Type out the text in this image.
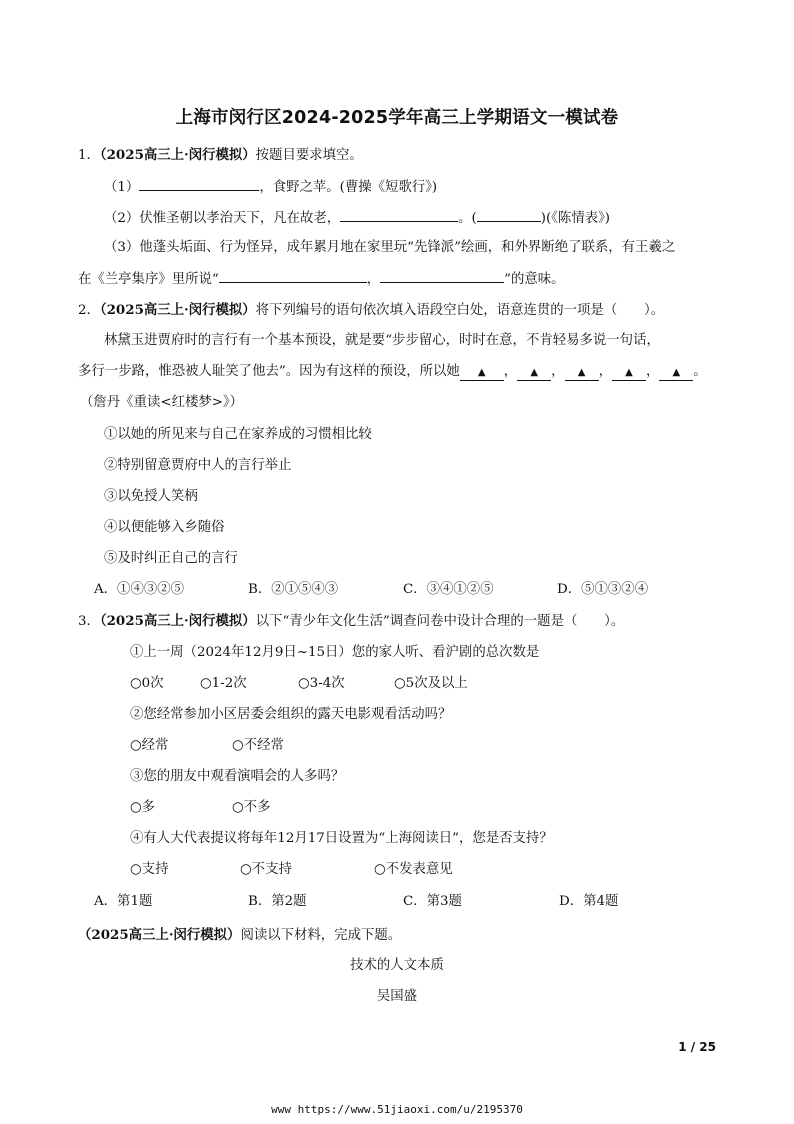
上海市闵行区2024-2025学年高三上学期语文一模试卷
1．（2025高三上·闵行模拟）按题目要求填空。
（1）	，食野之苹。(曹操《短歌行》)
（2）伏惟圣朝以孝治天下，凡在故老，	。(	)(《陈情表》)
（3）他蓬头垢面、行为怪异，成年累月地在家里玩“先锋派”绘画，和外界断绝了联系，有王羲之
在《兰亭集序》里所说“	，	”的意味。
2．（2025高三上·闵行模拟）将下列编号的语句依次填入语段空白处，语意连贯的一项是（　　）。
林黛玉进贾府时的言行有一个基本预设，就是要“步步留心，时时在意，不肯轻易多说一句话，
多行一步路，惟恐被人耻笑了他去”。因为有这样的预设，所以她 ▲ ， ▲ ， ▲ ， ▲ ， ▲ 。
（詹丹《重读<红楼梦>》）
①以她的所见来与自己在家养成的习惯相比较
②特别留意贾府中人的言行举止
③以免授人笑柄
④以便能够入乡随俗
⑤及时纠正自己的言行
A．①④③②⑤	B．②①⑤④③	C．③④①②⑤	D．⑤①③②④
3．（2025高三上·闵行模拟）以下“青少年文化生活”调查问卷中设计合理的一题是（　　）。
①上一周（2024年12月9日~15日）您的家人听、看沪剧的总次数是
○0次	○1-2次	○3-4次	○5次及以上
②您经常参加小区居委会组织的露天电影观看活动吗？
○经常	○不经常
③您的朋友中观看演唱会的人多吗？
○多	○不多
④有人大代表提议将每年12月17日设置为“上海阅读日”，您是否支持？
○支持	○不支持	○不发表意见
A．第1题	B．第2题	C．第3题	D．第4题
（2025高三上·闵行模拟）阅读以下材料，完成下题。
技术的人文本质
吴国盛
1 / 25
www https://www.51jiaoxi.com/u/2195370
